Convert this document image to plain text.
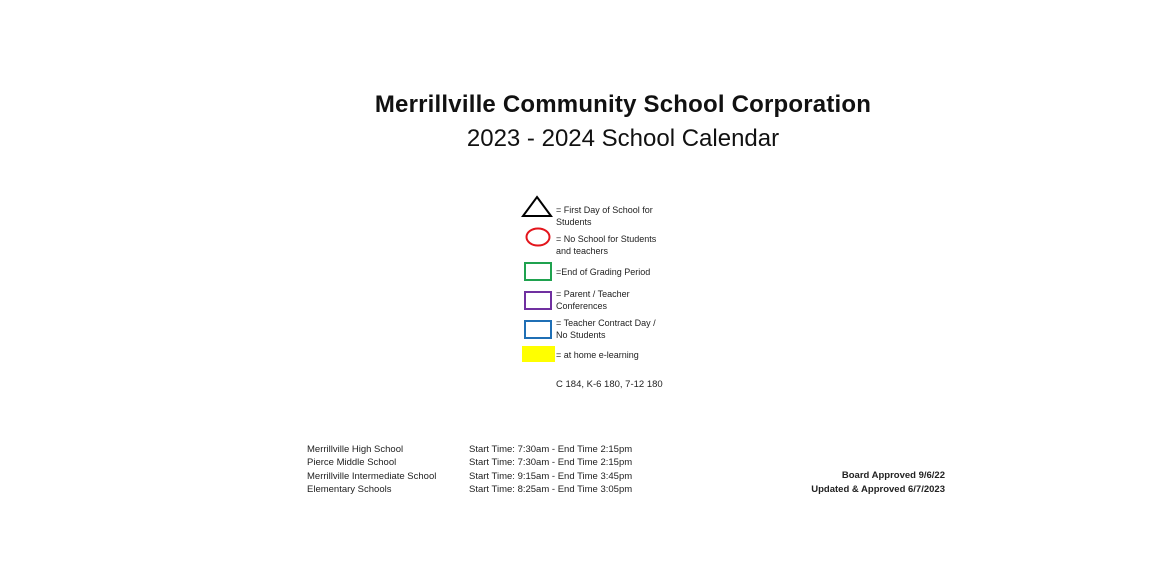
Merrillville Community School Corporation
2023 - 2024 School Calendar
= First Day of School for
Students
= No School for Students
and teachers
=End of Grading Period
= Parent / Teacher
Conferences
= Teacher Contract Day /
No Students
= at home e-learning
C 184, K-6 180, 7-12 180
Merrillville High School	Start Time: 7:30am - End Time 2:15pm
Pierce Middle School	Start Time: 7:30am - End Time 2:15pm
Merrillville Intermediate School	Start Time: 9:15am - End Time 3:45pm
Elementary Schools	Start Time: 8:25am - End Time 3:05pm
Board Approved 9/6/22
Updated & Approved 6/7/2023
